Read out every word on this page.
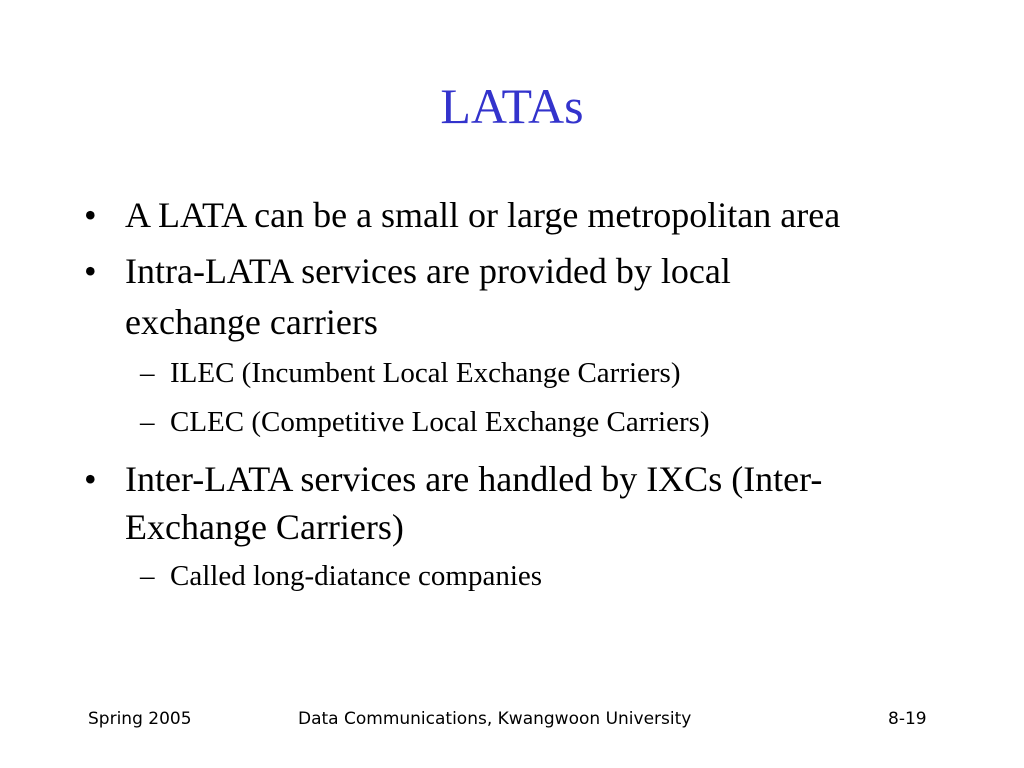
LATAs

•

A LATA can be a small or large metropolitan area

•

Intra-LATA services are provided by local

exchange carriers

–

ILEC (Incumbent Local Exchange Carriers)

–

CLEC (Competitive Local Exchange Carriers)

•

Inter-LATA services are handled by IXCs (Inter-

Exchange Carriers)

–

Called long-diatance companies

Spring 2005	Data Communications, Kwangwoon University	8-19
